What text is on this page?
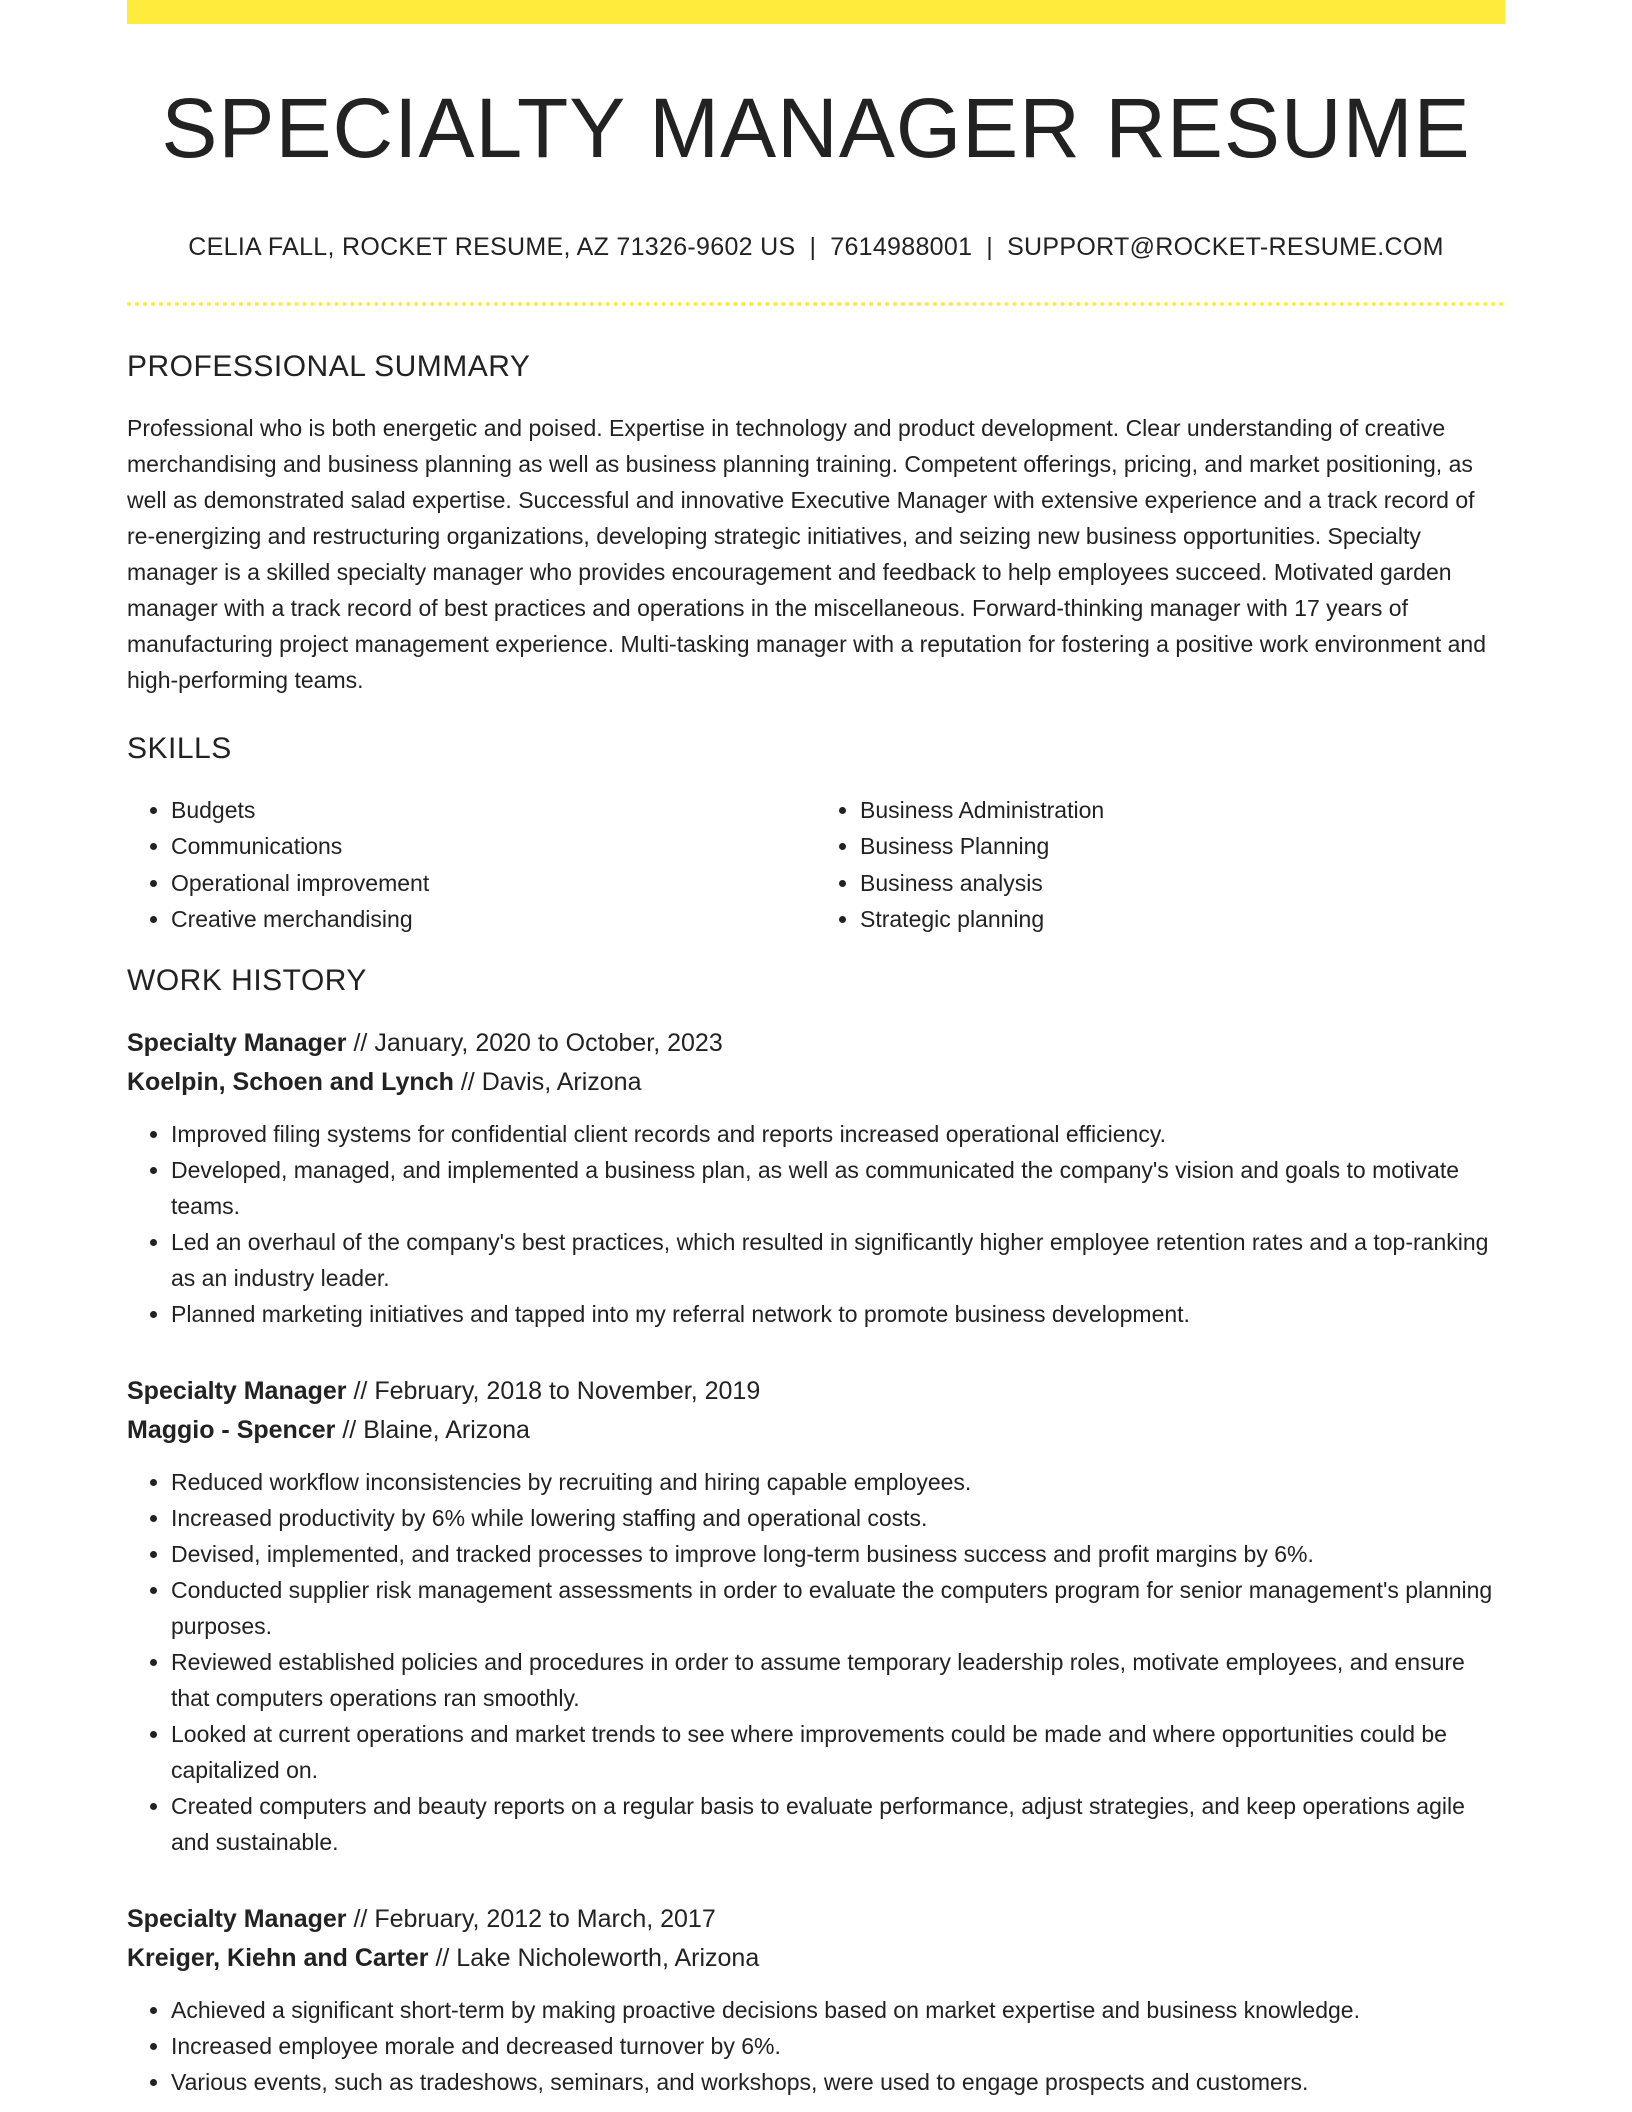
SPECIALTY MANAGER RESUME
CELIA FALL, ROCKET RESUME, AZ 71326-9602 US | 7614988001 | SUPPORT@ROCKET-RESUME.COM
PROFESSIONAL SUMMARY

Professional who is both energetic and poised. Expertise in technology and product development. Clear understanding of creative merchandising and business planning as well as business planning training. Competent offerings, pricing, and market positioning, as well as demonstrated salad expertise. Successful and innovative Executive Manager with extensive experience and a track record of re-energizing and restructuring organizations, developing strategic initiatives, and seizing new business opportunities. Specialty manager is a skilled specialty manager who provides encouragement and feedback to help employees succeed. Motivated garden manager with a track record of best practices and operations in the miscellaneous. Forward-thinking manager with 17 years of manufacturing project management experience. Multi-tasking manager with a reputation for fostering a positive work environment and high-performing teams.

SKILLS
• Budgets
• Communications
• Operational improvement
• Creative merchandising
• Business Administration
• Business Planning
• Business analysis
• Strategic planning
WORK HISTORY
Specialty Manager // January, 2020 to October, 2023
Koelpin, Schoen and Lynch // Davis, Arizona
• Improved filing systems for confidential client records and reports increased operational efficiency.
• Developed, managed, and implemented a business plan, as well as communicated the company's vision and goals to motivate teams.
• Led an overhaul of the company's best practices, which resulted in significantly higher employee retention rates and a top-ranking as an industry leader.
• Planned marketing initiatives and tapped into my referral network to promote business development.
Specialty Manager // February, 2018 to November, 2019
Maggio - Spencer // Blaine, Arizona
• Reduced workflow inconsistencies by recruiting and hiring capable employees.
• Increased productivity by 6% while lowering staffing and operational costs.
• Devised, implemented, and tracked processes to improve long-term business success and profit margins by 6%.
• Conducted supplier risk management assessments in order to evaluate the computers program for senior management's planning purposes.
• Reviewed established policies and procedures in order to assume temporary leadership roles, motivate employees, and ensure that computers operations ran smoothly.
• Looked at current operations and market trends to see where improvements could be made and where opportunities could be capitalized on.
• Created computers and beauty reports on a regular basis to evaluate performance, adjust strategies, and keep operations agile and sustainable.
Specialty Manager // February, 2012 to March, 2017
Kreiger, Kiehn and Carter // Lake Nicholeworth, Arizona
• Achieved a significant short-term by making proactive decisions based on market expertise and business knowledge.
• Increased employee morale and decreased turnover by 6%.
• Various events, such as tradeshows, seminars, and workshops, were used to engage prospects and customers.
